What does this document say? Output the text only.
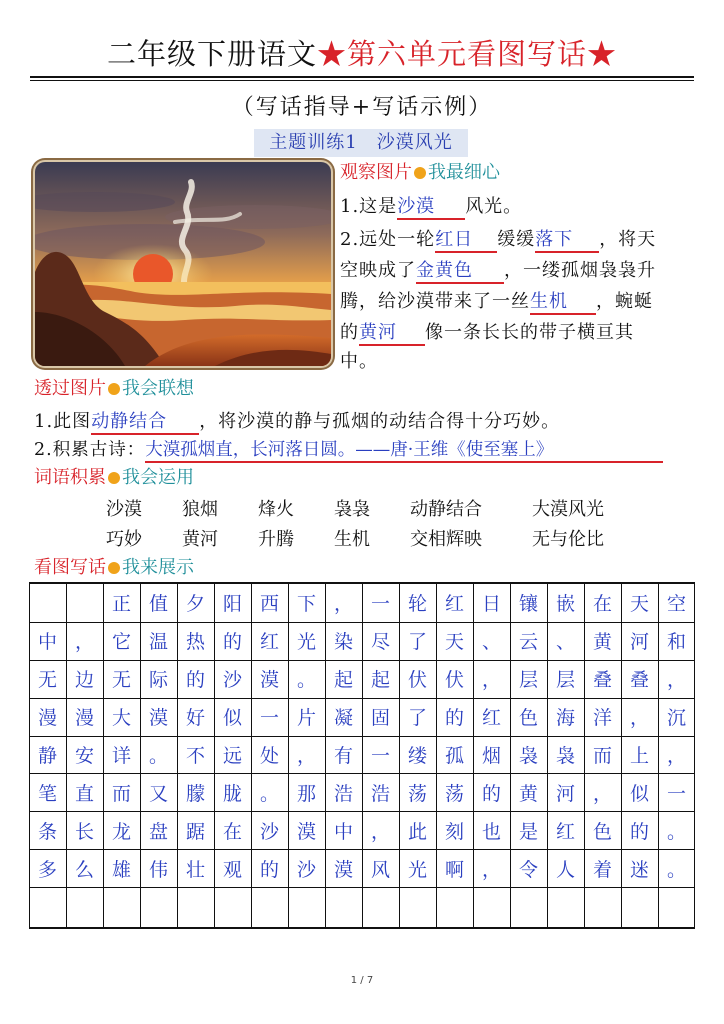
二年级下册语文★第六单元看图写话★
（写话指导+写话示例）
主题训练1　沙漠风光
观察图片 我最细心
1.这是沙漠 风光。
2.远处一轮红日 缓缓落下 ，将天
空映成了金黄色 ，一缕孤烟袅袅升
腾，给沙漠带来了一丝生机 ，蜿蜒
的黄河 像一条长长的带子横亘其
中。
透过图片 我会联想
1.此图动静结合 ，将沙漠的静与孤烟的动结合得十分巧妙。
2.积累古诗：大漠孤烟直，长河落日圆。——唐·王维《使至塞上》
词语积累 我会运用
沙漠 狼烟 烽火 袅袅 动静结合	大漠风光
巧妙 黄河 升腾 生机 交相辉映	无与伦比
看图写话 我来展示
正 值 夕 阳 西 下 ， 一 轮 红 日 镶 嵌 在 天 空
中 ， 它 温 热 的 红 光 染 尽 了 天 、 云 、 黄 河 和
无 边 无 际 的 沙 漠 。 起 起 伏 伏 ， 层 层 叠 叠 ，
漫 漫 大 漠 好 似 一 片 凝 固 了 的 红 色 海 洋 ， 沉
静 安 详 。 不 远 处 ， 有 一 缕 孤 烟 袅 袅 而 上 ，
笔 直 而 又 朦 胧 。 那 浩 浩 荡 荡 的 黄 河 ， 似 一
条 长 龙 盘 踞 在 沙 漠 中 ， 此 刻 也 是 红 色 的 。
多 么 雄 伟 壮 观 的 沙 漠 风 光 啊 ， 令 人 着 迷 。
1 / 7
